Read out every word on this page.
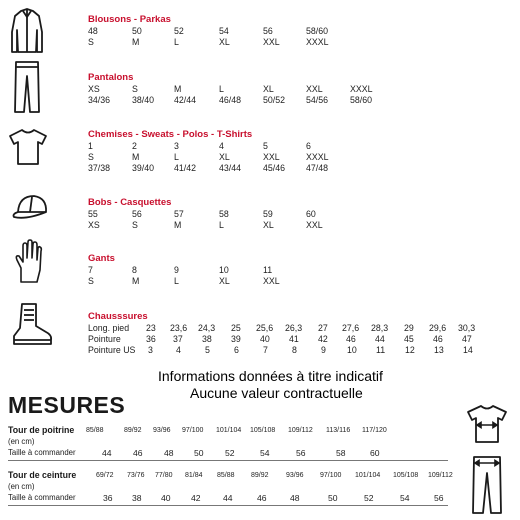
Blousons - Parkas
48	50	52	54	56	58/60
S	M	L	XL	XXL	XXXL
Pantalons
XS	S	M	L	XL	XXL	XXXL
34/36 38/40 42/44	46/48 50/52 54/56 58/60
Chemises - Sweats - Polos - T-Shirts
1	2	3	4	5	6
S	M	L	XL	XXL	XXXL
37/38 39/40 41/42	43/44 45/46 47/48
Bobs - Casquettes
55	56	57	58	59	60
XS	S	M	L	XL	XXL
Gants
7	8	9	10	11
S	M	L	XL	XXL
Chausssures
Long. pied 23 23,6 24,3 25 25,6 26,3 27 27,6 28,3 29 29,6 30,3
Pointure	36 37 38 39 40 41 42 46 44 45 46 47
Pointure US 3	4	5	6	7	8	9 10 11 12 13 14
Informations données à titre indicatif
Aucune valeur contractuelle
MESURES
Tour de poitrine
(en cm)
85/88	89/92 93/96 97/100 101/104 105/108 109/112 113/116 117/120
Taille à commander	44 46 48 50 52	54	56	58	60
Tour de ceinture
(en cm)
69/72 73/76 77/80 81/84 85/88 89/92 93/96 97/100 101/104 105/108 109/112
Taille à commander	36 38 40 42	44	46	48	50	52	54	56
